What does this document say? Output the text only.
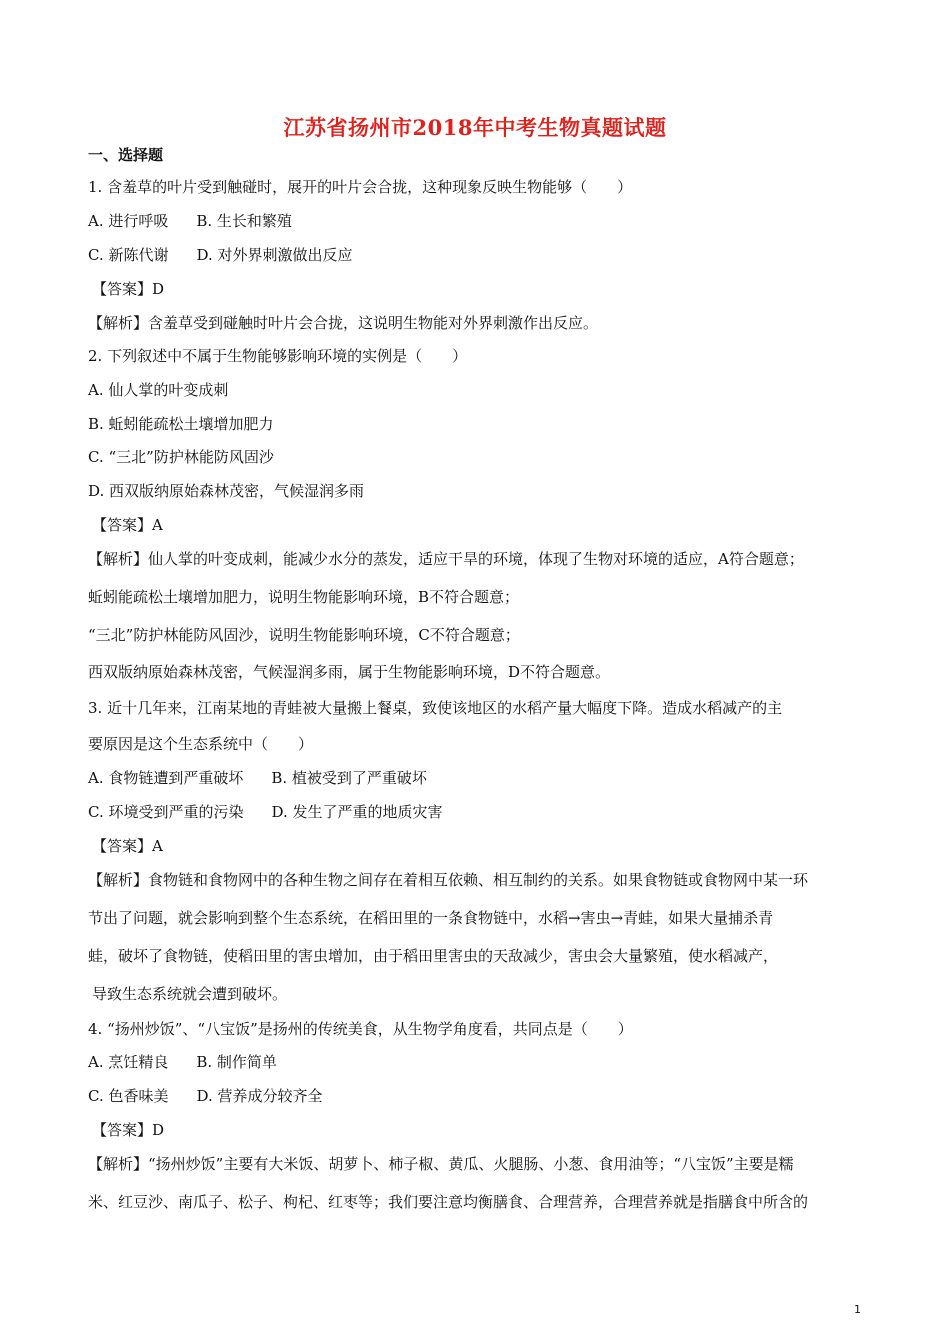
江苏省扬州市2018年中考生物真题试题
一、选择题
1. 含羞草的叶片受到触碰时，展开的叶片会合拢，这种现象反映生物能够（　　）
A. 进行呼吸 B. 生长和繁殖
C. 新陈代谢 D. 对外界刺激做出反应
【答案】D
【解析】含羞草受到碰触时叶片会合拢，这说明生物能对外界刺激作出反应。
2. 下列叙述中不属于生物能够影响环境的实例是（　　）
A. 仙人掌的叶变成刺
B. 蚯蚓能疏松土壤增加肥力
C. “三北”防护林能防风固沙
D. 西双版纳原始森林茂密，气候湿润多雨
【答案】A
【解析】仙人掌的叶变成刺，能减少水分的蒸发，适应干旱的环境，体现了生物对环境的适应，A符合题意；
蚯蚓能疏松土壤增加肥力，说明生物能影响环境，B不符合题意；
“三北”防护林能防风固沙，说明生物能影响环境，C不符合题意；
西双版纳原始森林茂密，气候湿润多雨，属于生物能影响环境，D不符合题意。
3. 近十几年来，江南某地的青蛙被大量搬上餐桌，致使该地区的水稻产量大幅度下降。造成水稻减产的主
要原因是这个生态系统中（　　）
A. 食物链遭到严重破坏 B. 植被受到了严重破坏
C. 环境受到严重的污染 D. 发生了严重的地质灾害
【答案】A
【解析】食物链和食物网中的各种生物之间存在着相互依赖、相互制约的关系。如果食物链或食物网中某一环
节出了问题，就会影响到整个生态系统，在稻田里的一条食物链中，水稻→害虫→青蛙，如果大量捕杀青
蛙，破坏了食物链，使稻田里的害虫增加，由于稻田里害虫的天敌减少，害虫会大量繁殖，使水稻减产，
导致生态系统就会遭到破坏。
4. “扬州炒饭”、“八宝饭”是扬州的传统美食，从生物学角度看，共同点是（　　）
A. 烹饪精良 B. 制作简单
C. 色香味美 D. 营养成分较齐全
【答案】D
【解析】“扬州炒饭”主要有大米饭、胡萝卜、柿子椒、黄瓜、火腿肠、小葱、食用油等；“八宝饭”主要是糯
米、红豆沙、南瓜子、松子、枸杞、红枣等；我们要注意均衡膳食、合理营养，合理营养就是指膳食中所含的
1
